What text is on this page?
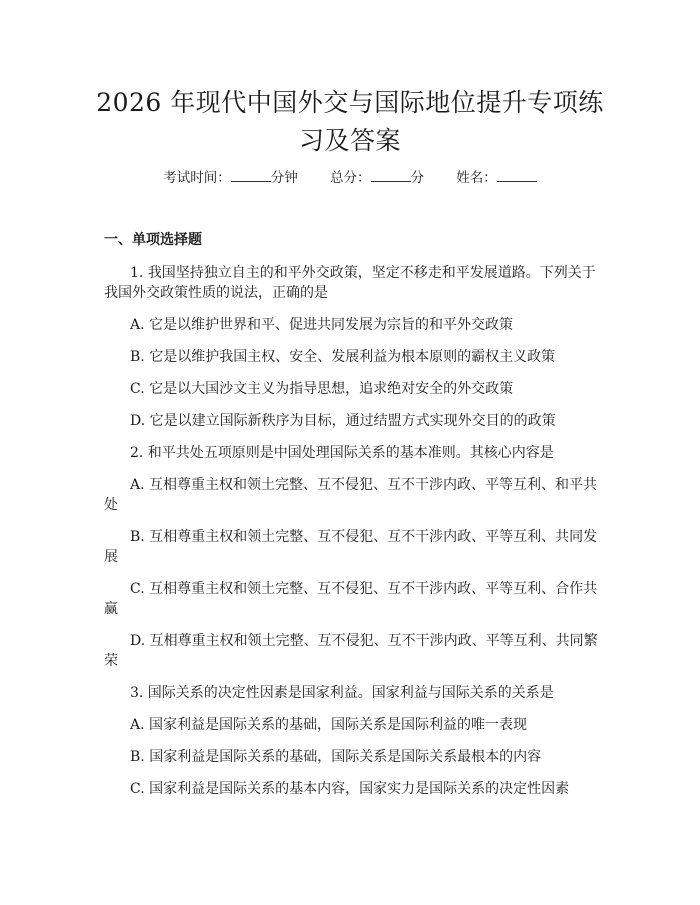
2026 年现代中国外交与国际地位提升专项练
习及答案
考试时间：	分钟 总分：	分 姓名：
一、单项选择题

1. 我国坚持独立自主的和平外交政策，坚定不移走和平发展道路。下列关于

我国外交政策性质的说法，正确的是

A. 它是以维护世界和平、促进共同发展为宗旨的和平外交政策

B. 它是以维护我国主权、安全、发展利益为根本原则的霸权主义政策

C. 它是以大国沙文主义为指导思想，追求绝对安全的外交政策

D. 它是以建立国际新秩序为目标，通过结盟方式实现外交目的的政策

2. 和平共处五项原则是中国处理国际关系的基本准则。其核心内容是

A. 互相尊重主权和领土完整、互不侵犯、互不干涉内政、平等互利、和平共

处

B. 互相尊重主权和领土完整、互不侵犯、互不干涉内政、平等互利、共同发

展

C. 互相尊重主权和领土完整、互不侵犯、互不干涉内政、平等互利、合作共

赢

D. 互相尊重主权和领土完整、互不侵犯、互不干涉内政、平等互利、共同繁

荣

3. 国际关系的决定性因素是国家利益。国家利益与国际关系的关系是

A. 国家利益是国际关系的基础，国际关系是国际利益的唯一表现

B. 国家利益是国际关系的基础，国际关系是国际关系最根本的内容

C. 国家利益是国际关系的基本内容，国家实力是国际关系的决定性因素
